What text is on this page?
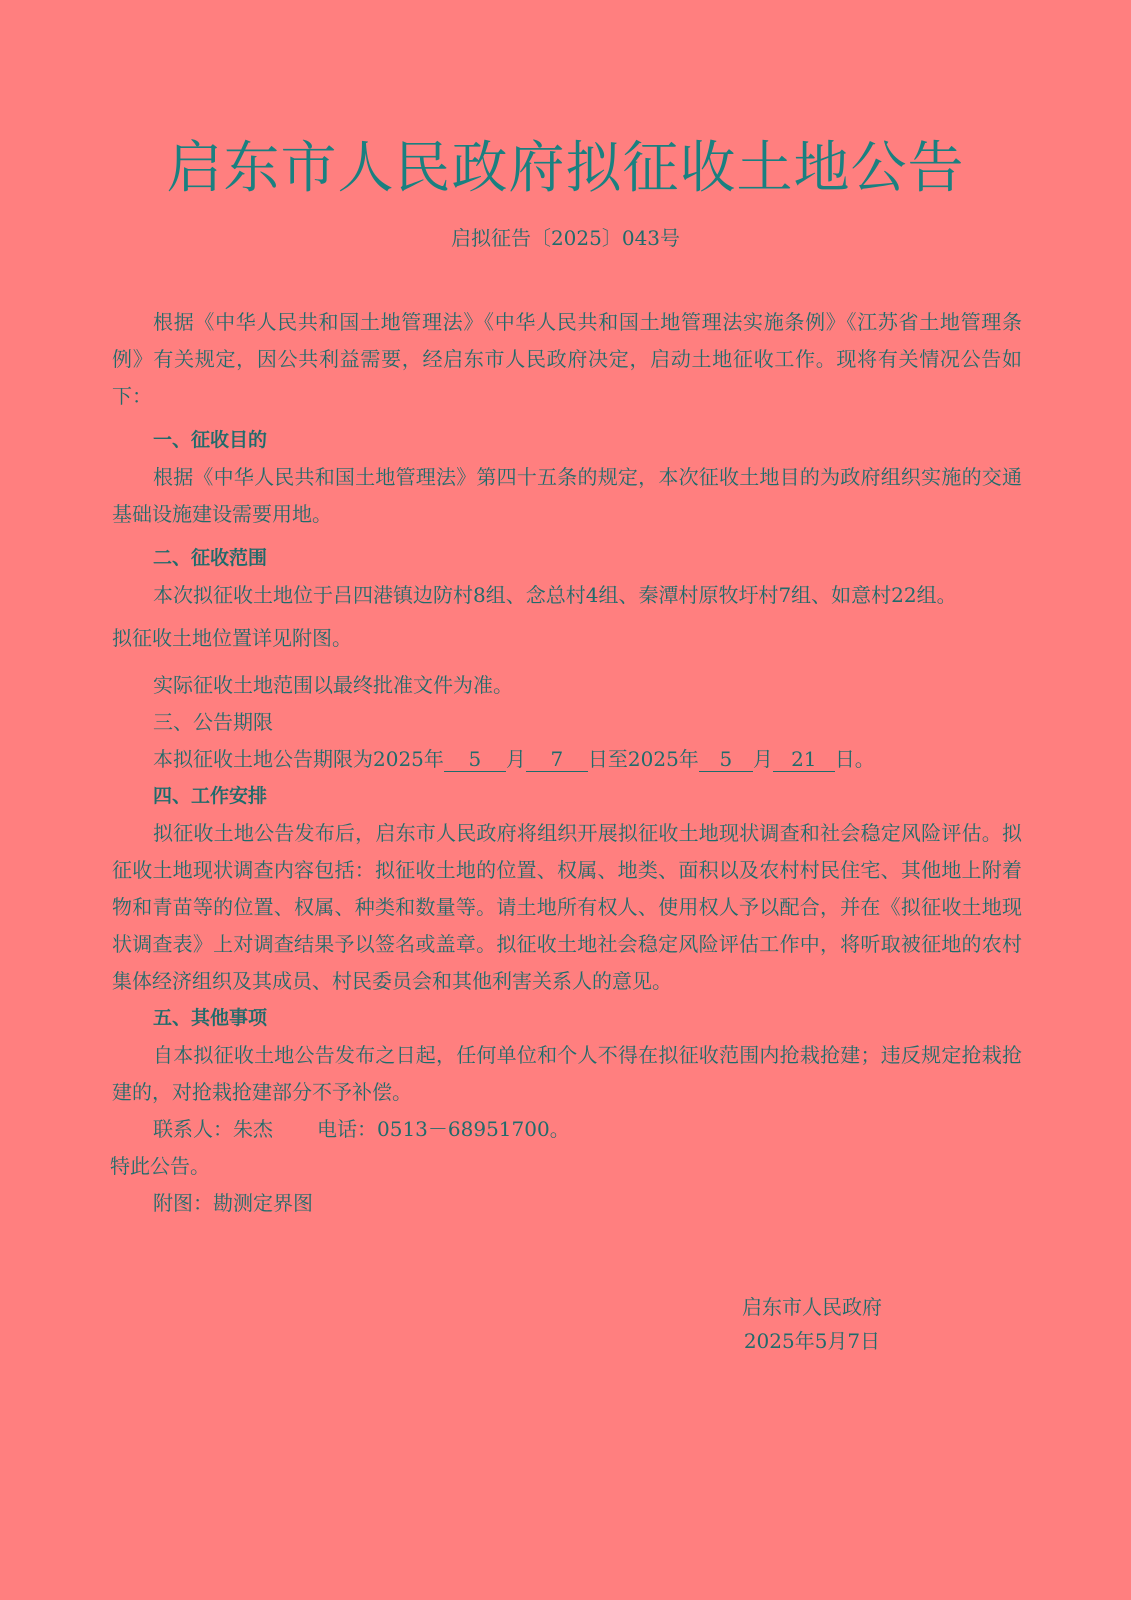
启东市人民政府拟征收土地公告
启拟征告〔2025〕043号

根据《中华人民共和国土地管理法》《中华人民共和国土地管理法实施条例》《江苏省土地管理条例》有关规定，因公共利益需要，经启东市人民政府决定，启动土地征收工作。现将有关情况公告如下：

一、征收目的

根据《中华人民共和国土地管理法》第四十五条的规定，本次征收土地目的为政府组织实施的交通基础设施建设需要用地。

二、征收范围

本次拟征收土地位于吕四港镇边防村8组、念总村4组、秦潭村原牧圩村7组、如意村22组。

拟征收土地位置详见附图。

实际征收土地范围以最终批准文件为准。

三、公告期限

本拟征收土地公告期限为2025年 5 月 7 日至2025年 5 月 21 日。

四、工作安排

拟征收土地公告发布后，启东市人民政府将组织开展拟征收土地现状调查和社会稳定风险评估。拟征收土地现状调查内容包括：拟征收土地的位置、权属、地类、面积以及农村村民住宅、其他地上附着物和青苗等的位置、权属、种类和数量等。请土地所有权人、使用权人予以配合，并在《拟征收土地现状调查表》上对调查结果予以签名或盖章。拟征收土地社会稳定风险评估工作中，将听取被征地的农村集体经济组织及其成员、村民委员会和其他利害关系人的意见。

五、其他事项

自本拟征收土地公告发布之日起，任何单位和个人不得在拟征收范围内抢栽抢建；违反规定抢栽抢建的，对抢栽抢建部分不予补偿。

联系人：朱杰 电话：0513－68951700。

特此公告。

附图：勘测定界图

启东市人民政府
2025年5月7日
